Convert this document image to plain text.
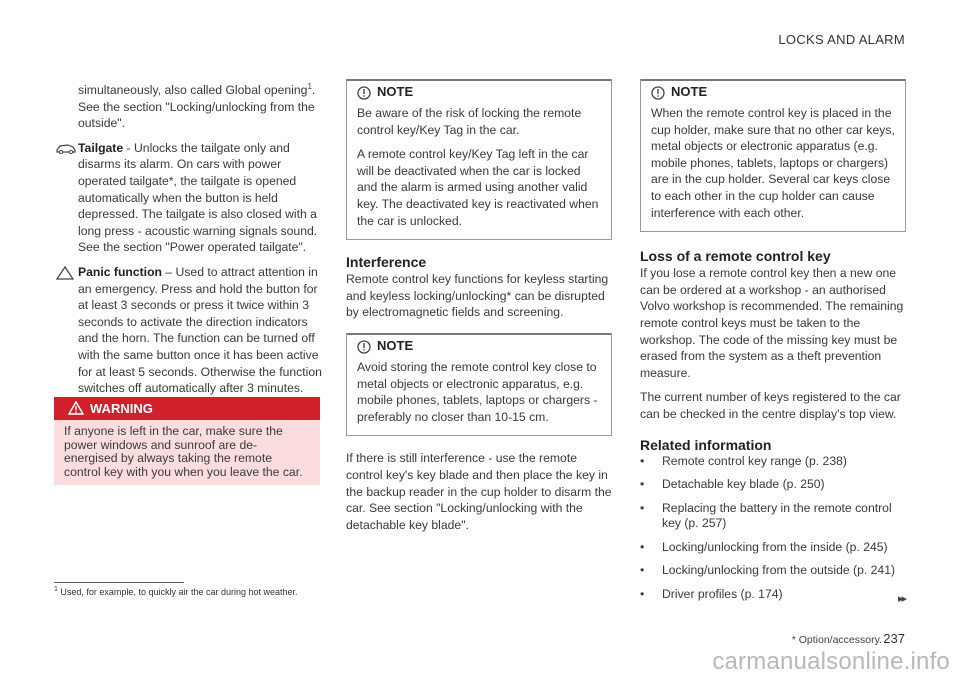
LOCKS AND ALARM

simultaneously, also called Global opening$^1$. See the section "Locking/unlocking from the outside".

Tailgate - Unlocks the tailgate only and disarms its alarm. On cars with power operated tailgate*, the tailgate is opened automatically when the button is held depressed. The tailgate is also closed with a long press - acoustic warning signals sound. See the section "Power operated tailgate".

Panic function – Used to attract attention in an emergency. Press and hold the button for at least 3 seconds or press it twice within 3 seconds to activate the direction indicators and the horn. The function can be turned off with the same button once it has been active for at least 5 seconds. Otherwise the function switches off automatically after 3 minutes.

WARNING
If anyone is left in the car, make sure the power windows and sunroof are de-energised by always taking the remote control key with you when you leave the car.
NOTE

Be aware of the risk of locking the remote control key/Key Tag in the car.

A remote control key/Key Tag left in the car will be deactivated when the car is locked and the alarm is armed using another valid key. The deactivated key is reactivated when the car is unlocked.

Interference

Remote control key functions for keyless starting and keyless locking/unlocking* can be disrupted by electromagnetic fields and screening.

NOTE

Avoid storing the remote control key close to metal objects or electronic apparatus, e.g. mobile phones, tablets, laptops or chargers - preferably no closer than 10-15 cm.

If there is still interference - use the remote control key's key blade and then place the key in the backup reader in the cup holder to disarm the car. See section "Locking/unlocking with the detachable key blade".

NOTE

When the remote control key is placed in the cup holder, make sure that no other car keys, metal objects or electronic apparatus (e.g. mobile phones, tablets, laptops or chargers) are in the cup holder. Several car keys close to each other in the cup holder can cause interference with each other.

Loss of a remote control key

If you lose a remote control key then a new one can be ordered at a workshop - an authorised Volvo workshop is recommended. The remaining remote control keys must be taken to the workshop. The code of the missing key must be erased from the system as a theft prevention measure.

The current number of keys registered to the car can be checked in the centre display's top view.

Related information
• Remote control key range (p. 238)
• Detachable key blade (p. 250)
• Replacing the battery in the remote control key (p. 257)
• Locking/unlocking from the inside (p. 245)
• Locking/unlocking from the outside (p. 241)
• Driver profiles (p. 174)
$^1$ Used, for example, to quickly air the car during hot weather.
▸▸
* Option/accessory. 237
carmanualsonline.info
